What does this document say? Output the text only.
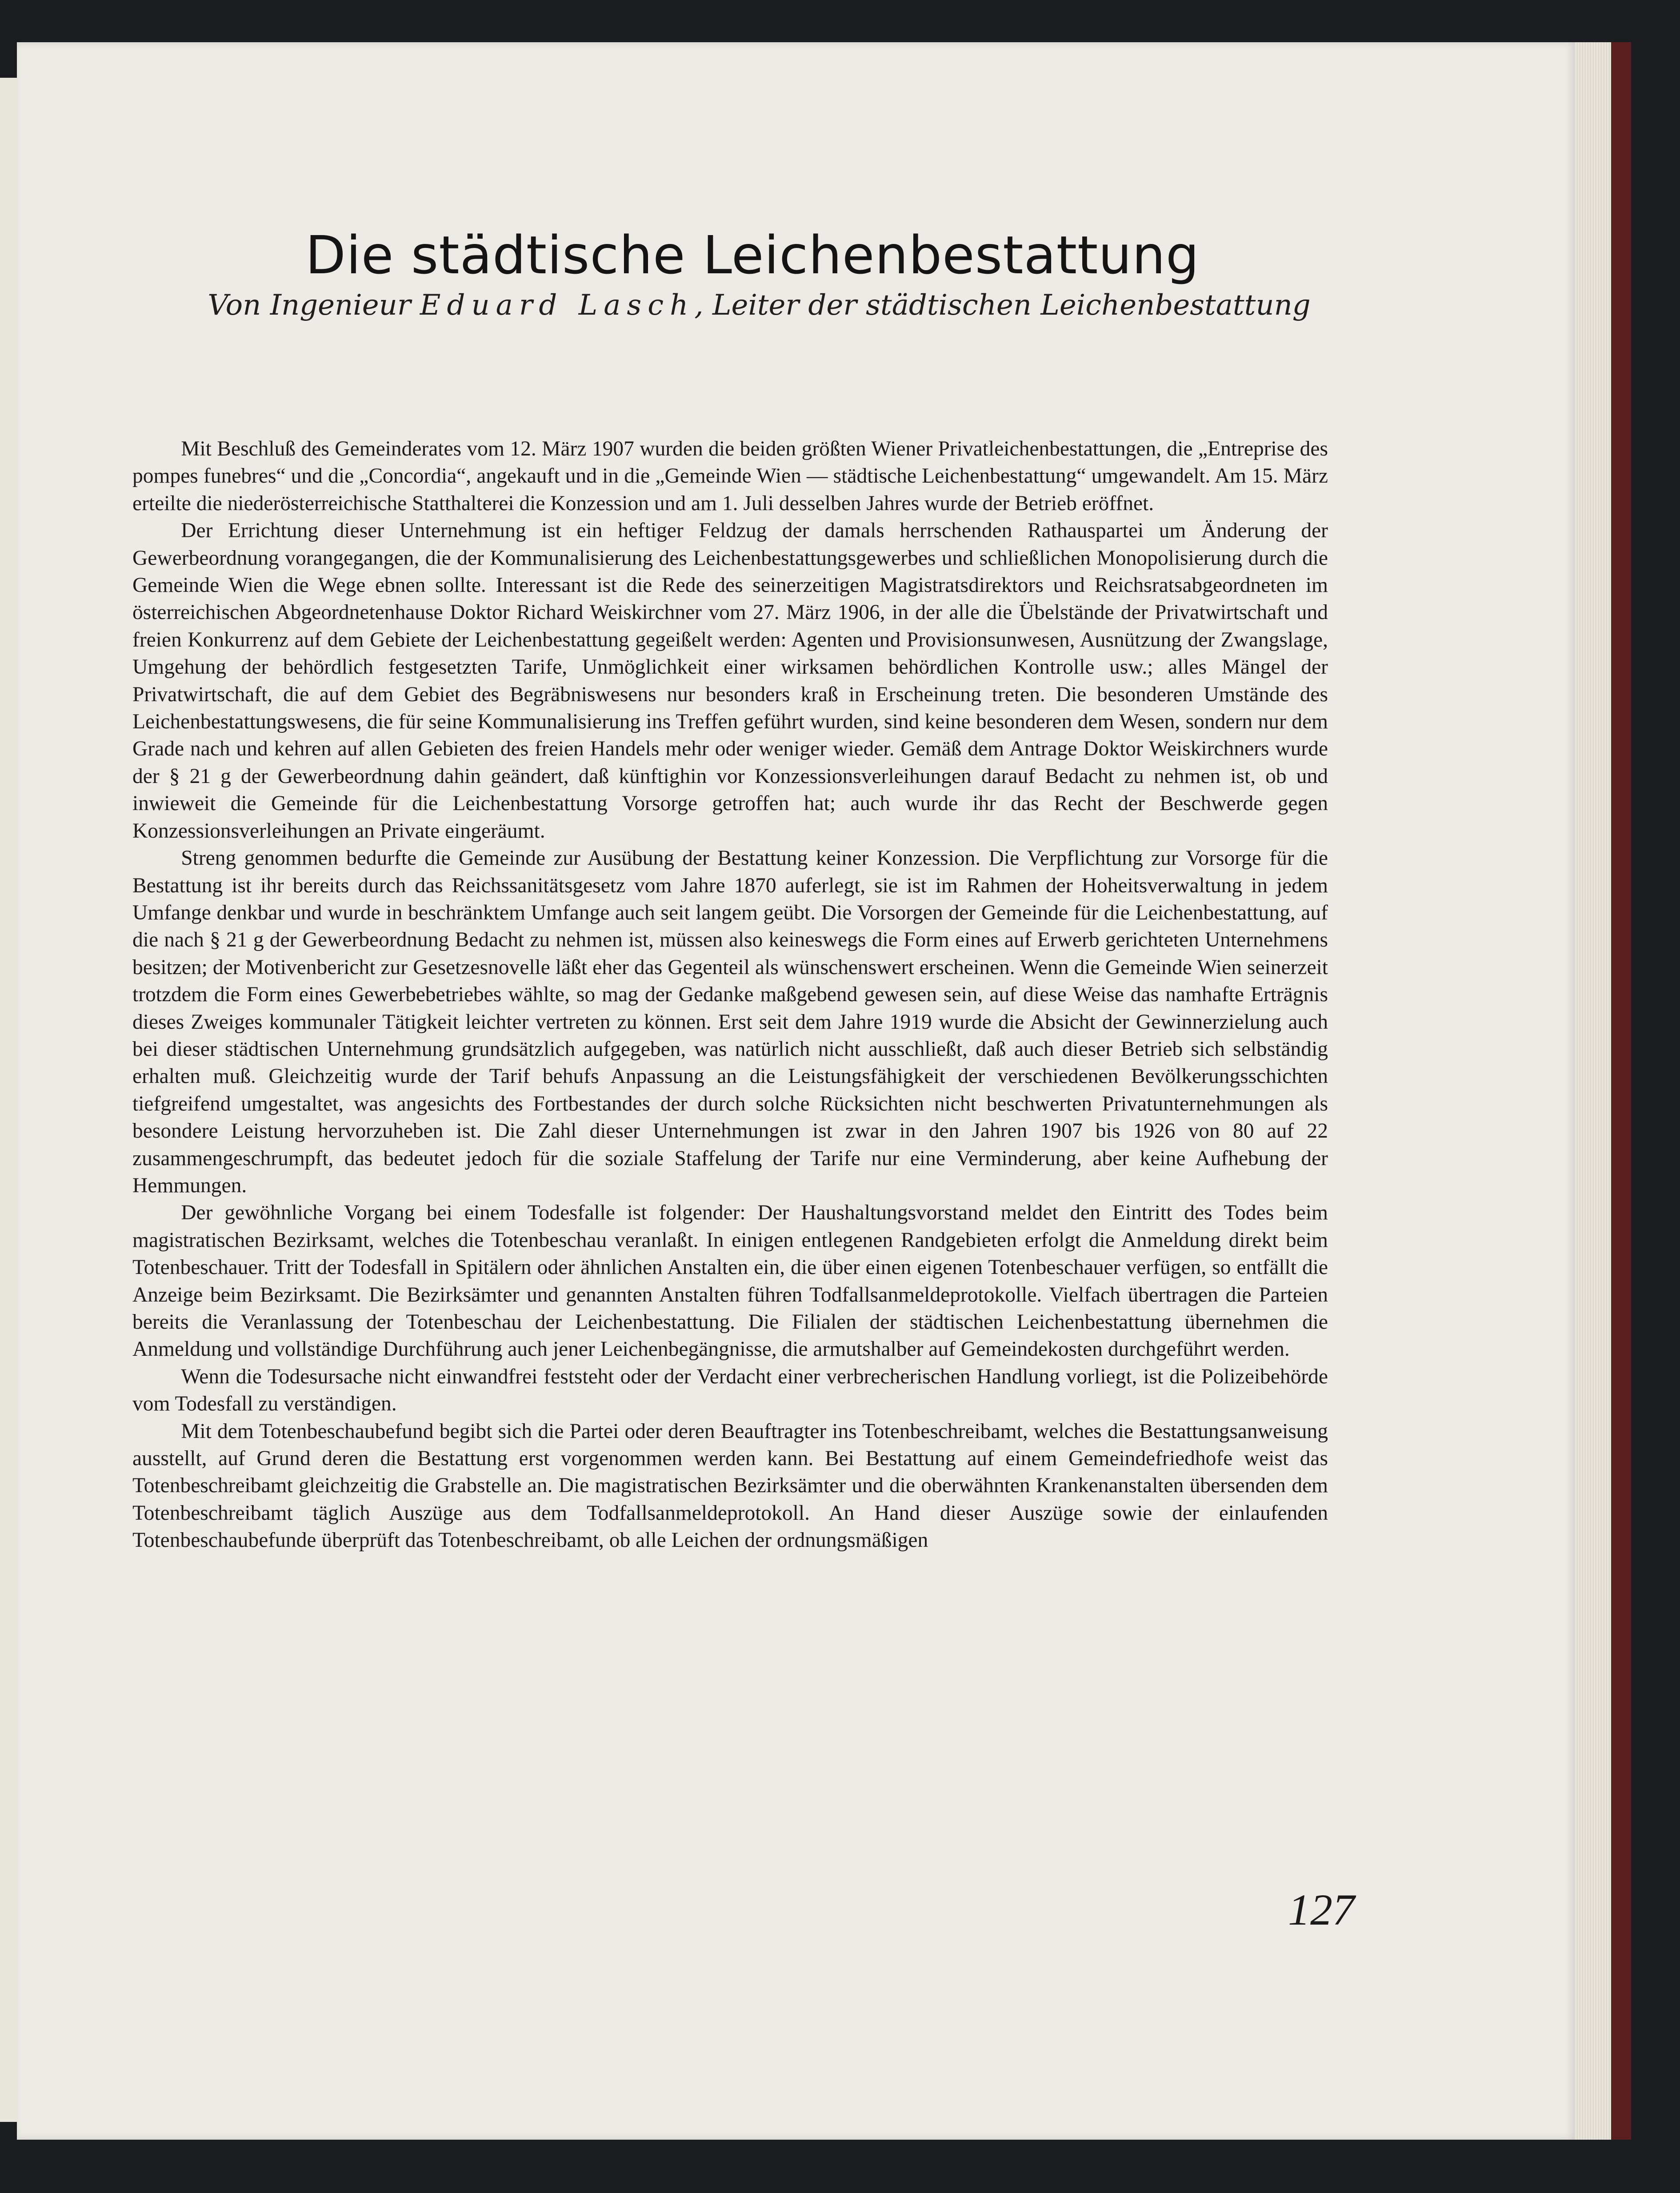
Die städtische Leichenbestattung
Von Ingenieur Eduard Lasch, Leiter der städtischen Leichenbestattung

Mit Beschluß des Gemeinderates vom 12. März 1907 wurden die beiden größten Wiener Privatleichenbestattungen, die „Entreprise des pompes funebres“ und die „Concordia“, angekauft und in die „Gemeinde Wien — städtische Leichenbestattung“ umgewandelt. Am 15. März erteilte die niederösterreichische Statthalterei die Konzession und am 1. Juli desselben Jahres wurde der Betrieb eröffnet.

Der Errichtung dieser Unternehmung ist ein heftiger Feldzug der damals herrschenden Rathauspartei um Änderung der Gewerbeordnung vorangegangen, die der Kommunalisierung des Leichenbestattungsgewerbes und schließlichen Monopolisierung durch die Gemeinde Wien die Wege ebnen sollte. Interessant ist die Rede des seinerzeitigen Magistratsdirektors und Reichsratsabgeordneten im österreichischen Abgeordnetenhause Doktor Richard Weiskirchner vom 27. März 1906, in der alle die Übelstände der Privatwirtschaft und freien Konkurrenz auf dem Gebiete der Leichenbestattung gegeißelt werden: Agenten und Provisionsunwesen, Ausnützung der Zwangslage, Umgehung der behördlich festgesetzten Tarife, Unmöglichkeit einer wirksamen behördlichen Kontrolle usw.; alles Mängel der Privatwirtschaft, die auf dem Gebiet des Begräbniswesens nur besonders kraß in Erscheinung treten. Die besonderen Umstände des Leichenbestattungswesens, die für seine Kommunalisierung ins Treffen geführt wurden, sind keine besonderen dem Wesen, sondern nur dem Grade nach und kehren auf allen Gebieten des freien Handels mehr oder weniger wieder. Gemäß dem Antrage Doktor Weiskirchners wurde der § 21 g der Gewerbeordnung dahin geändert, daß künftighin vor Konzessionsverleihungen darauf Bedacht zu nehmen ist, ob und inwieweit die Gemeinde für die Leichenbestattung Vorsorge getroffen hat; auch wurde ihr das Recht der Beschwerde gegen Konzessionsverleihungen an Private eingeräumt.

Streng genommen bedurfte die Gemeinde zur Ausübung der Bestattung keiner Konzession. Die Verpflichtung zur Vorsorge für die Bestattung ist ihr bereits durch das Reichssanitätsgesetz vom Jahre 1870 auferlegt, sie ist im Rahmen der Hoheitsverwaltung in jedem Umfange denkbar und wurde in beschränktem Umfange auch seit langem geübt. Die Vorsorgen der Gemeinde für die Leichenbestattung, auf die nach § 21 g der Gewerbeordnung Bedacht zu nehmen ist, müssen also keineswegs die Form eines auf Erwerb gerichteten Unternehmens besitzen; der Motivenbericht zur Gesetzesnovelle läßt eher das Gegenteil als wünschenswert erscheinen. Wenn die Gemeinde Wien seinerzeit trotzdem die Form eines Gewerbebetriebes wählte, so mag der Gedanke maßgebend gewesen sein, auf diese Weise das namhafte Erträgnis dieses Zweiges kommunaler Tätigkeit leichter vertreten zu können. Erst seit dem Jahre 1919 wurde die Absicht der Gewinnerzielung auch bei dieser städtischen Unternehmung grundsätzlich aufgegeben, was natürlich nicht ausschließt, daß auch dieser Betrieb sich selbständig erhalten muß. Gleichzeitig wurde der Tarif behufs Anpassung an die Leistungsfähigkeit der verschiedenen Bevölkerungsschichten tiefgreifend umgestaltet, was angesichts des Fortbestandes der durch solche Rücksichten nicht beschwerten Privatunternehmungen als besondere Leistung hervorzuheben ist. Die Zahl dieser Unternehmungen ist zwar in den Jahren 1907 bis 1926 von 80 auf 22 zusammengeschrumpft, das bedeutet jedoch für die soziale Staffelung der Tarife nur eine Verminderung, aber keine Aufhebung der Hemmungen.

Der gewöhnliche Vorgang bei einem Todesfalle ist folgender: Der Haushaltungsvorstand meldet den Eintritt des Todes beim magistratischen Bezirksamt, welches die Totenbeschau veranlaßt. In einigen entlegenen Randgebieten erfolgt die Anmeldung direkt beim Totenbeschauer. Tritt der Todesfall in Spitälern oder ähnlichen Anstalten ein, die über einen eigenen Totenbeschauer verfügen, so entfällt die Anzeige beim Bezirksamt. Die Bezirksämter und genannten Anstalten führen Todfallsanmeldeprotokolle. Vielfach übertragen die Parteien bereits die Veranlassung der Totenbeschau der Leichenbestattung. Die Filialen der städtischen Leichenbestattung übernehmen die Anmeldung und vollständige Durchführung auch jener Leichenbegängnisse, die armutshalber auf Gemeindekosten durchgeführt werden.

Wenn die Todesursache nicht einwandfrei feststeht oder der Verdacht einer verbrecherischen Handlung vorliegt, ist die Polizeibehörde vom Todesfall zu verständigen.

Mit dem Totenbeschaubefund begibt sich die Partei oder deren Beauftragter ins Totenbeschreibamt, welches die Bestattungsanweisung ausstellt, auf Grund deren die Bestattung erst vorgenommen werden kann. Bei Bestattung auf einem Gemeindefriedhofe weist das Totenbeschreibamt gleichzeitig die Grabstelle an. Die magistratischen Bezirksämter und die oberwähnten Krankenanstalten übersenden dem Totenbeschreibamt täglich Auszüge aus dem Todfallsanmeldeprotokoll. An Hand dieser Auszüge sowie der einlaufenden Totenbeschaubefunde überprüft das Totenbeschreibamt, ob alle Leichen der ordnungsmäßigen

127
